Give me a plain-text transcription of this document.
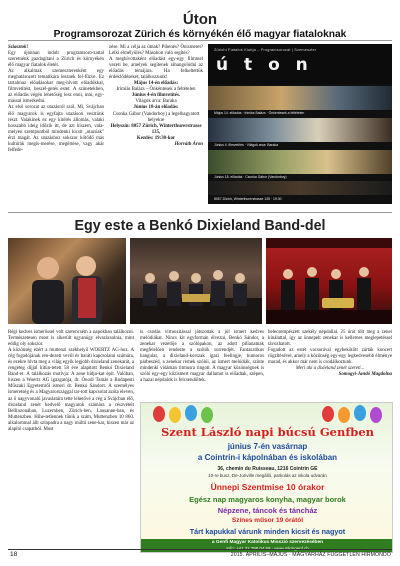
Úton
Programsorozat Zürich és környékén élő magyar fiataloknak

Sziasztok!

Egy újonnan indult programsoro-zattal szeretnénk gazdagítani a Zürich és környékén élő magyar fiatalok életét.

Az alkalmak szemeszterenként egy meghatározott tematikára lesznek fel-fűzve. Ez tartalmaz előadásokat meg-hívott előadókkal, filmvetítést, beszél-getés estet. A szünetekben, az előadás végén lehetőség lesz enni, inni, egy-mással ismerkedni.

Az első sorozat az utazásról szól. Mi, Svájcban élő magyarok is egyfajta utazáson vesztünk részt. Valakinek ez egy kitérés állomás, valaki hosszabb ideig időzik itt, de azt hiszem, vala-melyen szempontból mindenki kicsit „utazóak" érzi magát. Az utazáshoz sokszor kötődő más kultúrák megis-merése, megértése, vagy akár felfede-

zése. Mi a célja az útnak? Pihenés? Önismeret? Lelki élmélyülés? Másokon való segítés?

A meghívottaként előadást egy-egy filmmel vezeti be, amelyek segítenek ráhangolódni az előadás témájára. Ha felkeltettük érdeklődéseket, találkozzunk!

Május 14-én előadás:

Irimiás Balázs – Önkéntesek a feltételen

Június 4-én filmvetítés.

Világok arca: Baraka

Június 18-án előadás:

Csonka Gábor (Vandorboy) a legelhagyatott helyekre

Helyszín: 8057 Zürich, Winterthurerstrasse 135,

Kezdés: 19:30-kor

Horváth Áron

Zürichi Fiatalok Klubja – Programsorozat | Szemeszter
ú t o n
Május 14. előadás · Irimiás Balázs · Önkéntesek a feltételen
Június 4. filmvetítés · Világok arca: Baraka
Június 18. előadás · Csonka Gábor (Vandorboy)
8057 Zürich, Winterthurerstrasse 135 · 19:30
Egy este a Benkó Dixieland Band-del

Régi kedves ismerőssel volt szerencsém a napokban találkozni. Természetesen most is sikerült ugyanúgy elvarázsolnia, mint eddig oly sokszor.

A közönség ezért a muttenzi székhelyű WOERTZ AG-hoz. A cég fogadójának ren-dezett vevői és baráti kapcsolatai számára, és ezekre hívta meg a világ egyik legjobb dixieland zenekarát, a rengeteg díjjal kitün-tetett 58 éve alapított Benkó Dixieland Band-et. A találkozás motívja: A zene hídja-kat épít. Valóban, hiszen a Woertz AG igazgatója, dr. Ónodi Tamás a Budapesti Műszaki Egyetemről ismeri dr. Benkó Sándort. A személyes ismeretség és a Magyarországgal tar-tott kapcsolat azóta eleven, az ő nagyvonalú javaslatára tette lehetővé a cég a Svájcban élő, dixieland zenét kedvelő magyarok számára a részvételt Bellinzonában, Luzernben, Zürich-ben, Lausanne-ban, és Muttenzben. Hihe-tetlennek tűnik a szám, Muttenzben 10 860. alkalommal állt színpadra a nagy múltú zene-kar, hiszen már az alapító csapatból. Most

is csodás virtuozitással játszottak a jól ismert kedves melódiákat. Nincs kit egyformán élvezni, Benkó Sándor, a zenekar vezetője a szólópakon, az adott pillanatnak megfelelően rendezte a szólók sorrendjét. Fantasztikus hangulat, a dixieland-korszak igazi feelingje, humoros párbeszéd, a zenekar remek szólói, az ismert melódiák, szinte mindenki vidáman ritmusra ringott. A magyar közönségnek is szóló egy-egy közismert magyar dallamot is előadtak, szépen, a hazai népdalok is felcsendültek.

helecsempészett szekély népdallal. 25 órát tölt meg a zenei kínálattal, így az ünnepelt zenekar is kellemes meglepetéssel távozhatott.

Fogadott az estét vacsorával egybekötött zárták koncert rögzítésével, amely a közönség egy-egy legkedvesebb élménye marad, és akkor már nem is csodálkoztunk.

Meri aki a dixieland zenét szereti...

Somogyi-Jandó Magdolna

Szent László napi búcsú Genfben
június 7-én vasárnap
a Cointrin-i kápolnában és iskolában
36, chemin du Ruisseau, 1216 Cointrin GE
10-re busz, De-Jonville megálló, parkolás az iskola udvarán
Ünnepi Szentmise 10 órakor
Egész nap magyaros konyha, magyar borok
Népzene, táncok és táncház
Színes műsor 19 órától
Tárt kapukkal várunk minden kicsit és nagyot
a Genfi Magyar Katolikus Misszió szervezésében
18	2015. ÁPRILIS–MÁJUS · MAGYARHÁZ FÜGGETLEN HÍRMONDÓ
